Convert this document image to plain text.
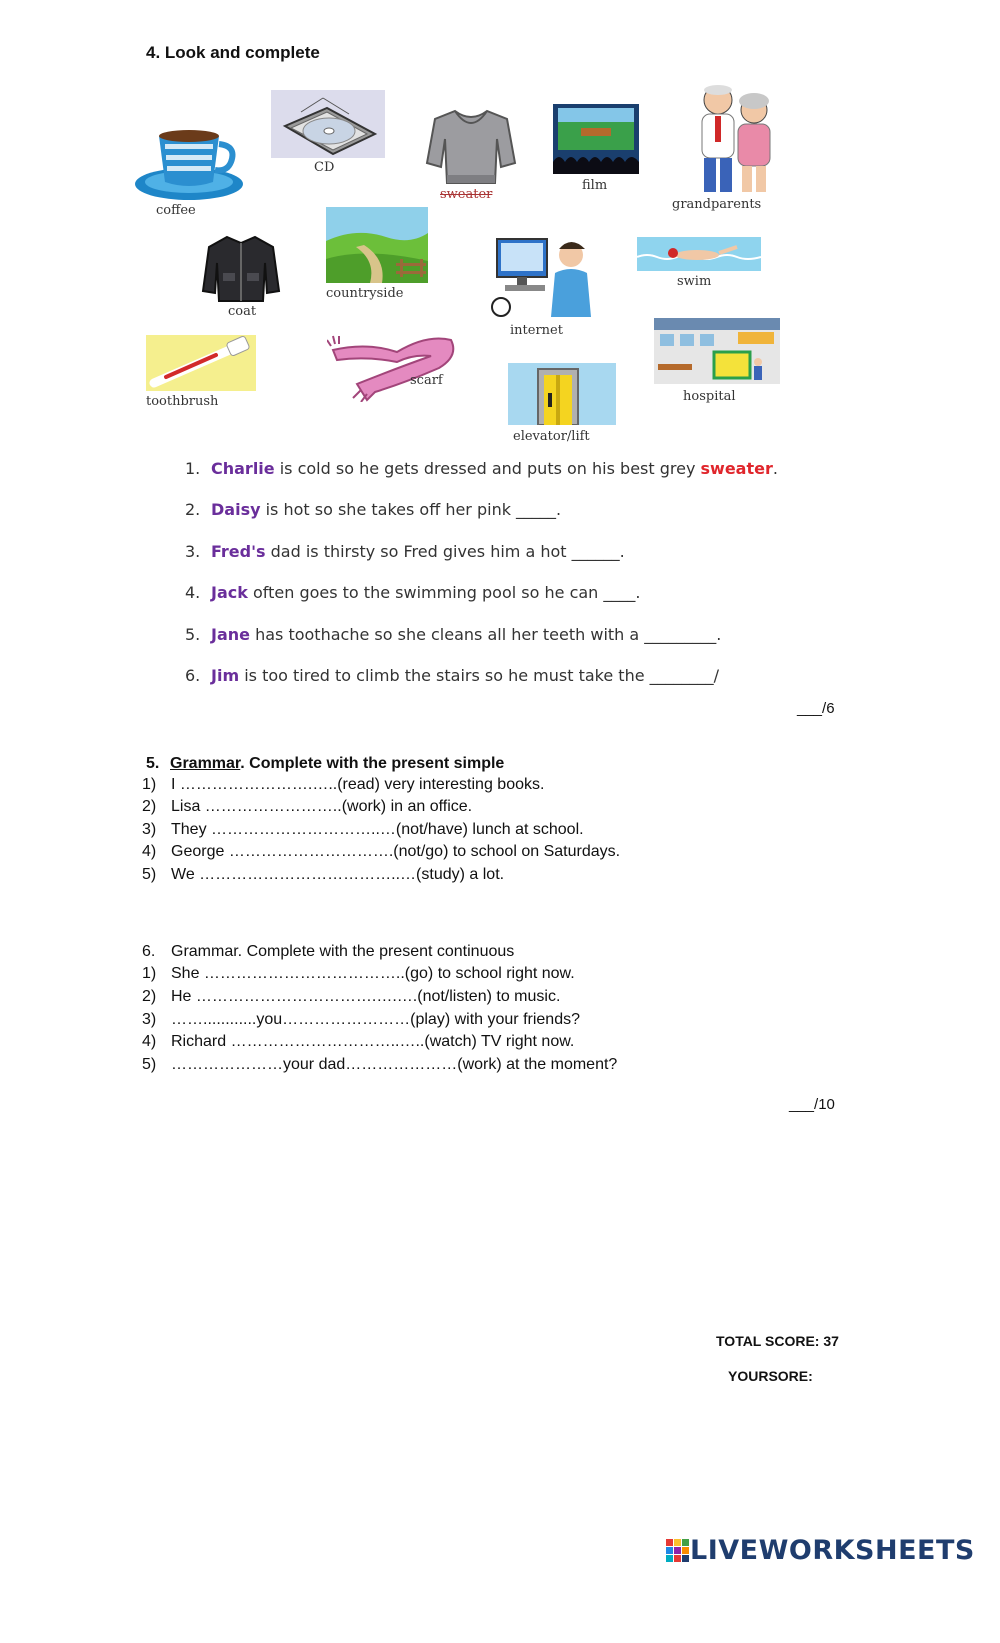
4. Look and complete
coffee
CD
sweater
film
grandparents
coat
countryside
internet
swim
toothbrush
scarf
hospital
elevator/lift
1. Charlie is cold so he gets dressed and puts on his best grey sweater.
2. Daisy is hot so she takes off her pink _____.
3. Fred's dad is thirsty so Fred gives him a hot ______.
4. Jack often goes to the swimming pool so he can ____.
5. Jane has toothache so she cleans all her teeth with a _________.
6. Jim is too tired to climb the stairs so he must take the ________/
___/6
5. Grammar. Complete with the present simple
1) I …………………….…..(read) very interesting books.
2) Lisa ……………………..(work) in an office.
3) They …………………………..…(not/have) lunch at school.
4) George ………………………….(not/go) to school on Saturdays.
5) We ………………………………..…(study) a lot.
6. Grammar. Complete with the present continuous
1) She ………………………………..(go) to school right now.
2) He …………………………….….….(not/listen) to music.
3) ……............you……………………(play) with your friends?
4) Richard …………………………..…..(watch) TV right now.
5) …………………your dad…………………(work) at the moment?
___/10
TOTAL SCORE: 37
YOURSORE:
LIVEWORKSHEETS
